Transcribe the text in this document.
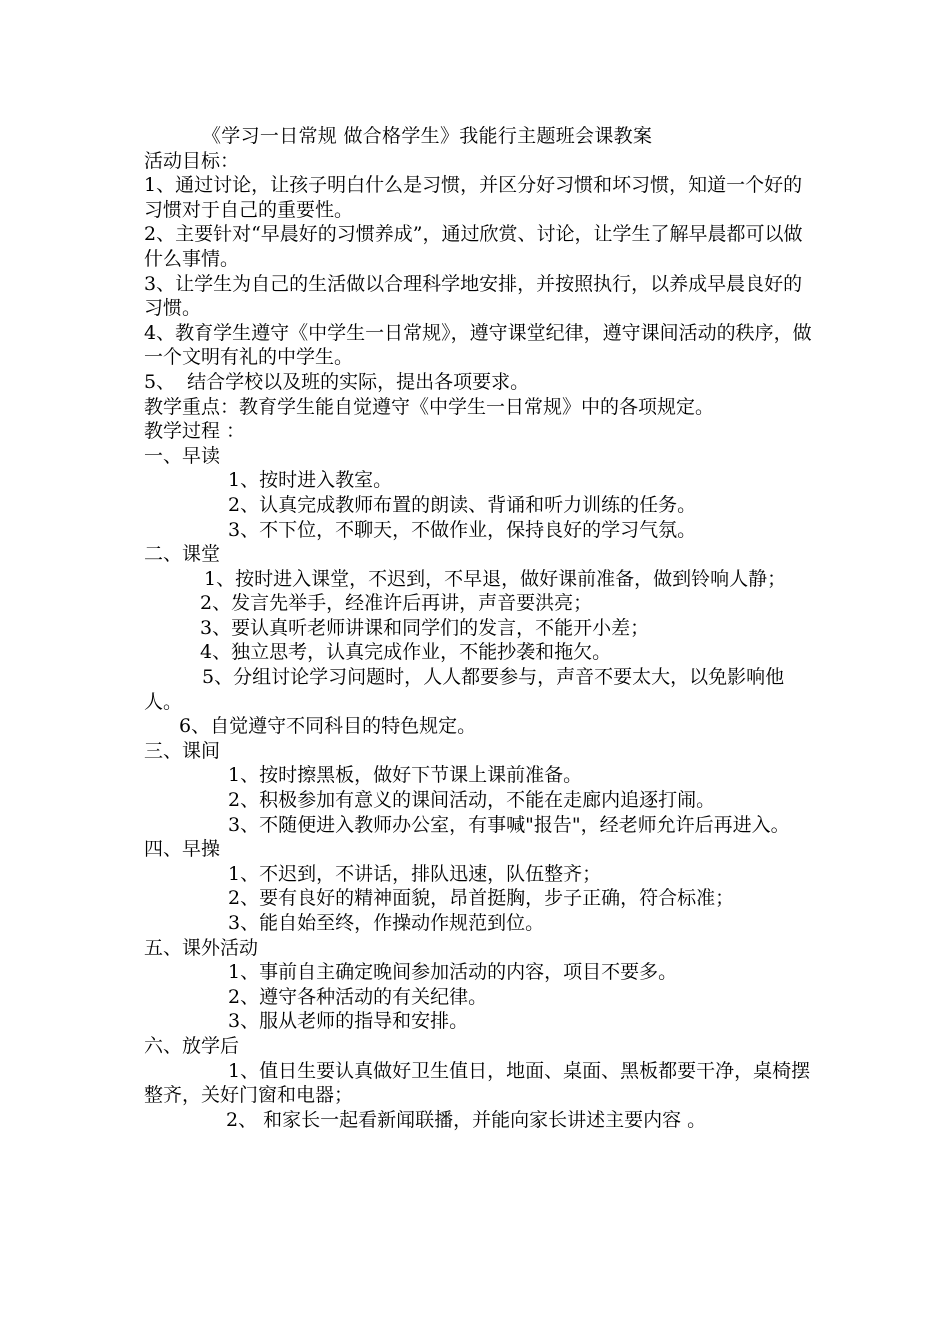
《学习一日常规 做合格学生》我能行主题班会课教案

活动目标：

1、通过讨论，让孩子明白什么是习惯，并区分好习惯和坏习惯，知道一个好的习惯对于自己的重要性。

2、主要针对“早晨好的习惯养成”，通过欣赏、讨论，让学生了解早晨都可以做什么事情。

3、让学生为自己的生活做以合理科学地安排，并按照执行，以养成早晨良好的习惯。

4、教育学生遵守《中学生一日常规》，遵守课堂纪律，遵守课间活动的秩序，做一个文明有礼的中学生。

5、  结合学校以及班的实际，提出各项要求。

教学重点：教育学生能自觉遵守《中学生一日常规》中的各项规定。

教学过程 ：

一、早读

1、按时进入教室。

2、认真完成教师布置的朗读、背诵和听力训练的任务。

3、不下位，不聊天，不做作业，保持良好的学习气氛。

二、课堂

1、按时进入课堂，不迟到，不早退，做好课前准备，做到铃响人静；

2、发言先举手，经准许后再讲，声音要洪亮；

3、要认真听老师讲课和同学们的发言，不能开小差；

4、独立思考，认真完成作业，不能抄袭和拖欠。

5、分组讨论学习问题时，人人都要参与，声音不要太大，以免影响他人。

6、自觉遵守不同科目的特色规定。

三、课间

1、按时擦黑板，做好下节课上课前准备。

2、积极参加有意义的课间活动，不能在走廊内追逐打闹。

3、不随便进入教师办公室，有事喊"报告"，经老师允许后再进入。

四、早操

1、不迟到，不讲话，排队迅速，队伍整齐；

2、要有良好的精神面貌，昂首挺胸，步子正确，符合标准；

3、能自始至终，作操动作规范到位。

五、课外活动

1、事前自主确定晚间参加活动的内容，项目不要多。

2、遵守各种活动的有关纪律。

3、服从老师的指导和安排。

六、放学后

1、值日生要认真做好卫生值日，地面、桌面、黑板都要干净，桌椅摆整齐，关好门窗和电器；

2、 和家长一起看新闻联播，并能向家长讲述主要内容 。
